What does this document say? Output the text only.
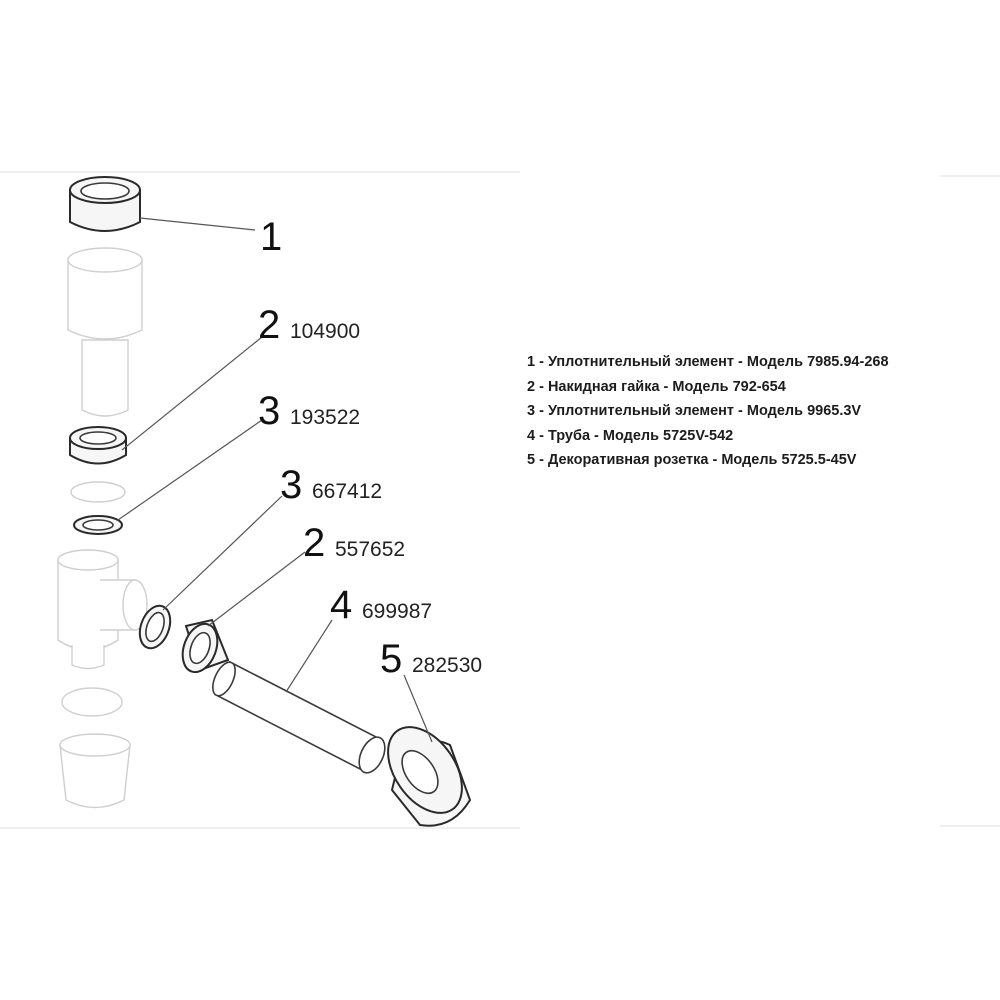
1
2 104900
3 193522
3 667412
2 557652
4 699987
5 282530
1 - Уплотнительный элемент - Модель 7985.94-268
2 - Накидная гайка - Модель 792-654
3 - Уплотнительный элемент - Модель 9965.3V
4 - Труба - Модель 5725V-542
5 - Декоративная розетка - Модель 5725.5-45V
